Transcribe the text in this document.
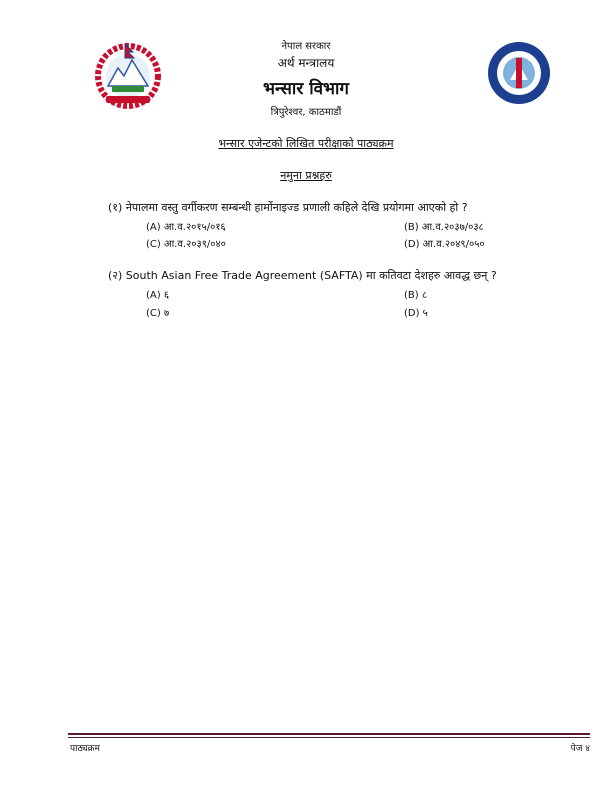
नेपाल सरकार
अर्थ मन्त्रालय
भन्सार विभाग
त्रिपुरेश्वर, काठमाडौं
भन्सार एजेन्टको लिखित परीक्षाको पाठ्यक्रम
नमुना प्रश्नहरु
(१) नेपालमा वस्तु वर्गीकरण सम्बन्धी हार्मोनाइज्ड प्रणाली कहिले देखि प्रयोगमा आएको हो ?
(A) आ.व.२०१५/०१६	(B) आ.व.२०३७/०३८
(C) आ.व.२०३९/०४०	(D) आ.व.२०४९/०५०
(२) South Asian Free Trade Agreement (SAFTA) मा कतिवटा देशहरु आवद्ध छन् ?
(A) ६	(B) ८
(C) ७	(D) ५
पाठ्यक्रम	पेज ४
